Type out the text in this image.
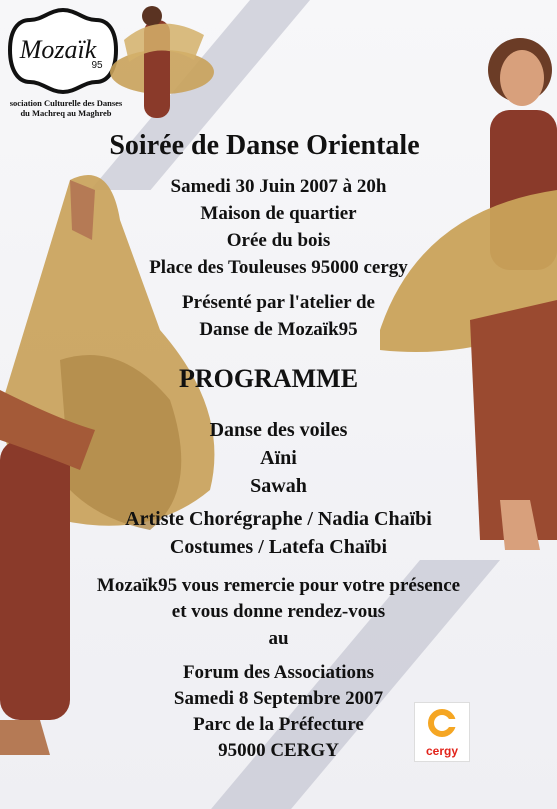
Mozaïk
95
sociation Culturelle des Danses
du Machreq au Maghreb
Soirée de Danse Orientale
Samedi 30 Juin 2007 à 20h
Maison de quartier
Orée du bois
Place des Touleuses 95000 cergy
Présenté par l'atelier de
Danse de Mozaïk95
PROGRAMME
Danse des voiles
Aïni
Sawah
Artiste Chorégraphe / Nadia Chaïbi
Costumes / Latefa Chaïbi
Mozaïk95 vous remercie pour votre présence
et vous donne rendez-vous
au
Forum des Associations
Samedi 8 Septembre 2007
Parc de la Préfecture
95000 CERGY	cergy
